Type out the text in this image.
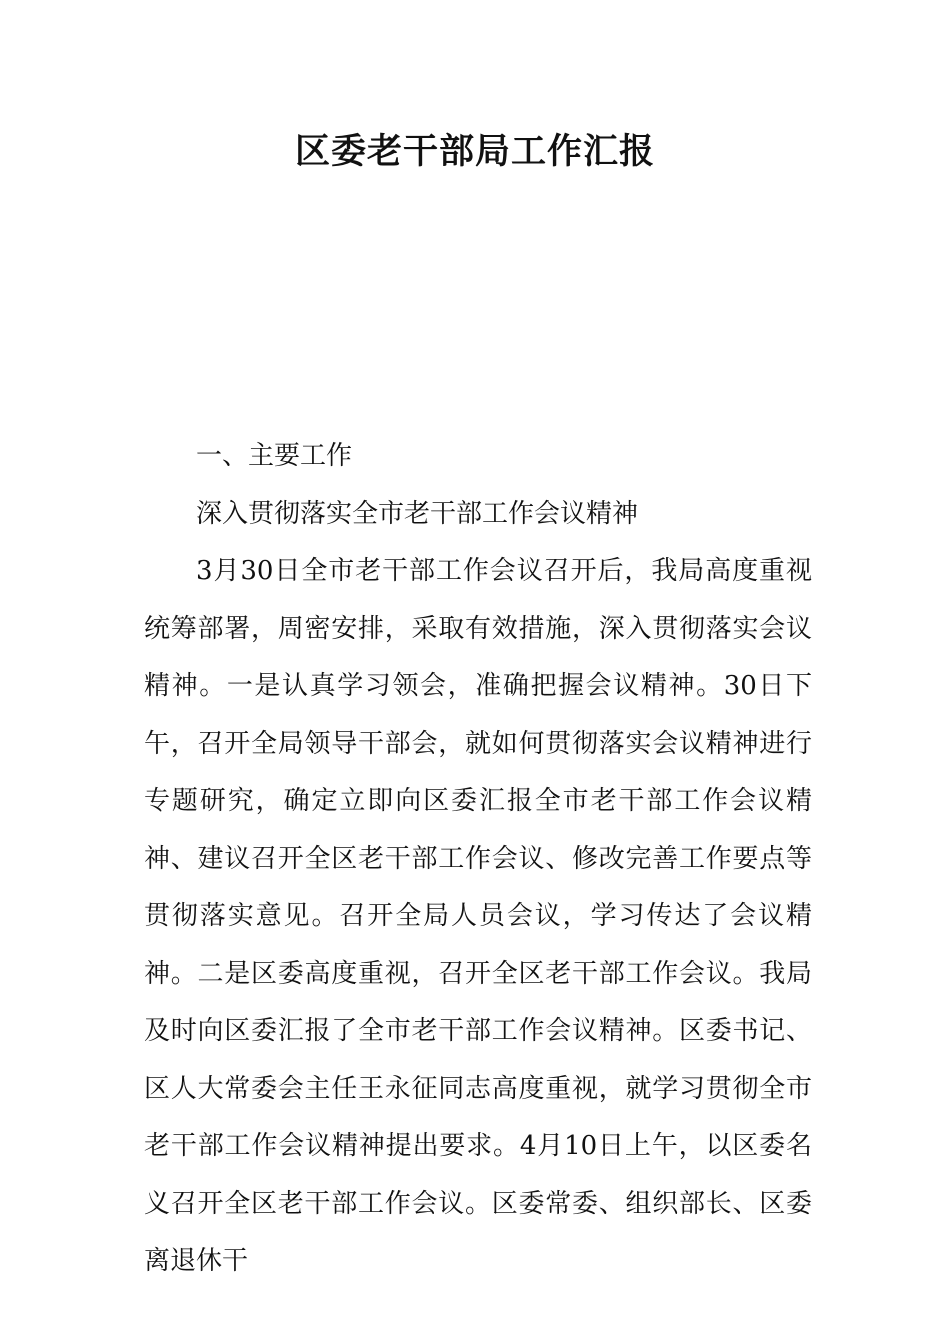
区委老干部局工作汇报

一、主要工作

深入贯彻落实全市老干部工作会议精神

3月30日全市老干部工作会议召开后，我局高度重视统筹部署，周密安排，采取有效措施，深入贯彻落实会议精神。一是认真学习领会，准确把握会议精神。30日下午，召开全局领导干部会，就如何贯彻落实会议精神进行专题研究，确定立即向区委汇报全市老干部工作会议精神、建议召开全区老干部工作会议、修改完善工作要点等贯彻落实意见。召开全局人员会议，学习传达了会议精神。二是区委高度重视，召开全区老干部工作会议。我局及时向区委汇报了全市老干部工作会议精神。区委书记、区人大常委会主任王永征同志高度重视，就学习贯彻全市老干部工作会议精神提出要求。4月10日上午，以区委名义召开全区老干部工作会议。区委常委、组织部长、区委离退休干
